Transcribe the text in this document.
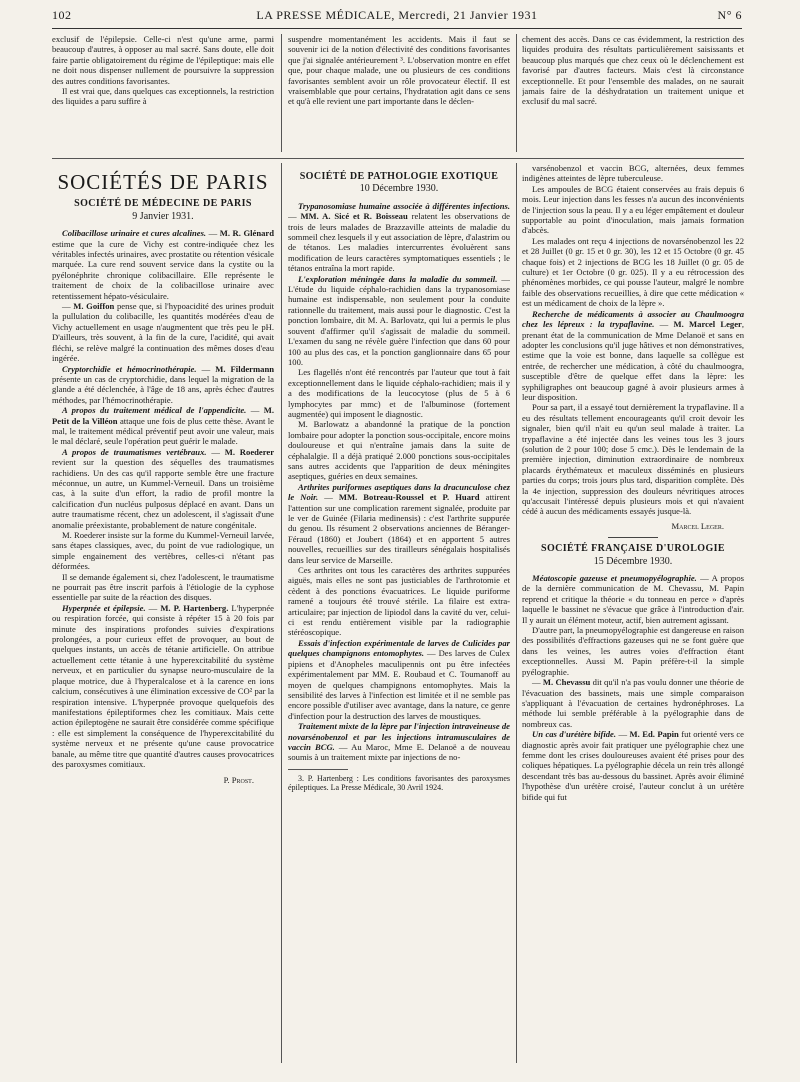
102	LA PRESSE MÉDICALE, Mercredi, 21 Janvier 1931	N° 6

exclusif de l'épilepsie. Celle-ci n'est qu'une arme, parmi beaucoup d'autres, à opposer au mal sacré. Sans doute, elle doit faire partie obligatoirement du régime de l'épileptique: mais elle ne doit nous dispenser nullement de poursuivre la suppression des autres conditions favorisantes.

Il est vrai que, dans quelques cas exceptionnels, la restriction des liquides a paru suffire à

suspendre momentanément les accidents. Mais il faut se souvenir ici de la notion d'électivité des conditions favorisantes que j'ai signalée antérieurement ³. L'observation montre en effet que, pour chaque malade, une ou plusieurs de ces conditions favorisantes semblent avoir un rôle provocateur électif. Il est vraisemblable que pour certains, l'hydratation agit dans ce sens et qu'à elle revient une part importante dans le déclen-

chement des accès. Dans ce cas évidemment, la restriction des liquides produira des résultats particulièrement saisissants et beaucoup plus marqués que chez ceux où le déclenchement est favorisé par d'autres facteurs. Mais c'est là circonstance exceptionnelle. Et pour l'ensemble des malades, on ne saurait jamais faire de la déshydratation un traitement unique et exclusif du mal sacré.

SOCIÉTÉS DE PARIS
SOCIÉTÉ DE MÉDECINE DE PARIS
9 Janvier 1931.

Colibacillose urinaire et cures alcalines. — M. R. Glénard estime que la cure de Vichy est contre-indiquée chez les véritables infectés urinaires, avec prostatite ou rétention vésicale marquée. La cure rend souvent service dans la cystite ou la pyélonéphrite chronique colibacillaire. Elle représente le traitement de choix de la colibacillose urinaire avec retentissement hépato-vésiculaire.

— M. Goiffon pense que, si l'hypoacidité des urines produit la pullulation du colibacille, les quantités modérées d'eau de Vichy actuellement en usage n'augmentent que très peu le pH. D'ailleurs, très souvent, à la fin de la cure, l'acidité, qui avait fléchi, se relève malgré la continuation des mêmes doses d'eau ingérée.

Cryptorchidie et hémocrinothérapie. — M. Fildermann présente un cas de cryptorchidie, dans lequel la migration de la glande a été déclenchée, à l'âge de 18 ans, après échec d'autres méthodes, par l'hémocrinothérapie.

A propos du traitement médical de l'appendicite. — M. Petit de la Villéon attaque une fois de plus cette thèse. Avant le mal, le traitement médical préventif peut avoir une valeur, mais le mal déclaré, seule l'opération peut guérir le malade.

A propos de traumatismes vertébraux. — M. Roederer revient sur la question des séquelles des traumatismes rachidiens. Un des cas qu'il rapporte semble être une fracture méconnue, un autre, un Kummel-Verneuil. Dans un troisième cas, à la suite d'un effort, la radio de profil montre la calcification d'un nucléus pulposus déplacé en avant. Dans un autre traumatisme récent, chez un adolescent, il s'agissait d'une anomalie préexistante, probablement de nature congénitale.

M. Roederer insiste sur la forme du Kummel-Verneuil larvée, sans étapes classiques, avec, du point de vue radiologique, un simple engainement des vertèbres, celles-ci n'étant pas déformées.

Il se demande également si, chez l'adolescent, le traumatisme ne pourrait pas être inscrit parfois à l'étiologie de la cyphose essentielle par suite de la réaction des disques.

Hyperpnée et épilepsie. — M. P. Hartenberg. L'hyperpnée ou respiration forcée, qui consiste à répéter 15 à 20 fois par minute des inspirations profondes suivies d'expirations prolongées, a pour curieux effet de provoquer, au bout de quelques instants, un accès de tétanie artificielle. On attribue actuellement cette tétanie à une hyperexcitabilité du système nerveux, et en particulier du synapse neuro-musculaire de la plaque motrice, due à l'hyperalcalose et à la carence en ions calcium, consécutives à une élimination excessive de CO² par la respiration intensive. L'hyperpnée provoque quelquefois des manifestations épileptiformes chez les comitiaux. Mais cette action épileptogène ne saurait être considérée comme spécifique : elle est simplement la conséquence de l'hyperexcitabilité du système nerveux et ne présente qu'une cause provocatrice banale, au même titre que quantité d'autres causes provocatrices des paroxysmes comitiaux.

P. Prost.
SOCIÉTÉ DE PATHOLOGIE EXOTIQUE
10 Décembre 1930.

Trypanosomiase humaine associée à différentes infections. — MM. A. Sicé et R. Boisseau relatent les observations de trois de leurs malades de Brazzaville atteints de maladie du sommeil chez lesquels il y eut association de lèpre, d'alastrim ou de tétanos. Les maladies intercurrentes évoluèrent sans modification de leurs caractères symptomatiques essentiels ; le tétanos entraîna la mort rapide.

L'exploration méningée dans la maladie du sommeil. — L'étude du liquide céphalo-rachidien dans la trypanosomiase humaine est indispensable, non seulement pour la conduite rationnelle du traitement, mais aussi pour le diagnostic. C'est la ponction lombaire, dit M. A. Barlovatz, qui lui a permis le plus souvent d'affirmer qu'il s'agissait de maladie du sommeil. L'examen du sang ne révèle guère l'infection que dans 60 pour 100 au plus des cas, et la ponction ganglionnaire dans 65 pour 100.

Les flagellés n'ont été rencontrés par l'auteur que tout à fait exceptionnellement dans le liquide céphalo-rachidien; mais il y a des modifications de la leucocytose (plus de 5 à 6 lymphocytes par mmc) et de l'albuminose (fortement augmentée) qui imposent le diagnostic.

M. Barlowatz a abandonné la pratique de la ponction lombaire pour adopter la ponction sous-occipitale, encore moins douloureuse et qui n'entraîne jamais dans la suite de céphalalgie. Il a déjà pratiqué 2.000 ponctions sous-occipitales sans autres accidents que l'apparition de deux méningites aseptiques, guéries en deux semaines.

Arthrites puriformes aseptiques dans la dracunculose chez le Noir. — MM. Botreau-Roussel et P. Huard attirent l'attention sur une complication rarement signalée, produite par le ver de Guinée (Filaria medinensis) : c'est l'arthrite suppurée du genou. Ils résument 2 observations anciennes de Béranger-Féraud (1860) et Joubert (1864) et en apportent 5 autres nouvelles, recueillies sur des tirailleurs sénégalais hospitalisés dans leur service de Marseille.

Ces arthrites ont tous les caractères des arthrites suppurées aiguës, mais elles ne sont pas justiciables de l'arthrotomie et cèdent à des ponctions évacuatrices. Le liquide puriforme ramené a toujours été trouvé stérile. La filaire est extra-articulaire; par injection de lipiodol dans la cavité du ver, celui-ci est rendu entièrement visible par la radiographie stéréoscopique.

Essais d'infection expérimentale de larves de Culicides par quelques champignons entomophytes. — Des larves de Culex pipiens et d'Anopheles maculipennis ont pu être infectées expérimentalement par MM. E. Roubaud et C. Toumanoff au moyen de quelques champignons entomophytes. Mais la sensibilité des larves à l'infection est limitée et il ne semble pas encore possible d'utiliser avec avantage, dans la nature, ce genre d'infection pour la destruction des larves de moustiques.

Traitement mixte de la lèpre par l'injection intraveineuse de novarsénobenzol et par les injections intramusculaires de vaccin BCG. — Au Maroc, Mme E. Delanoë a de nouveau soumis à un traitement mixte par injections de no-

3. P. Hartenberg : Les conditions favorisantes des paroxysmes épileptiques. La Presse Médicale, 30 Avril 1924.

varsénobenzol et vaccin BCG, alternées, deux femmes indigènes atteintes de lèpre tuberculeuse.

Les ampoules de BCG étaient conservées au frais depuis 6 mois. Leur injection dans les fesses n'a aucun des inconvénients de l'injection sous la peau. Il y a eu léger empâtement et douleur supportable au point d'inoculation, mais jamais formation d'abcès.

Les malades ont reçu 4 injections de novarsénobenzol les 22 et 28 Juillet (0 gr. 15 et 0 gr. 30), les 12 et 15 Octobre (0 gr. 45 chaque fois) et 2 injections de BCG les 18 Juillet (0 gr. 05 de culture) et 1er Octobre (0 gr. 025). Il y a eu rétrocession des phénomènes morbides, ce qui pousse l'auteur, malgré le nombre faible des observations recueillies, à dire que cette médication « est un médicament de choix de la lèpre ».

Recherche de médicaments à associer au Chaulmoogra chez les lépreux : la trypaflavine. — M. Marcel Leger, prenant état de la communication de Mme Delanoë et sans en adopter les conclusions qu'il juge hâtives et non démonstratives, estime que la voie est bonne, dans laquelle sa collègue est entrée, de rechercher une médication, à côté du chaulmoogra, susceptible d'être de quelque effet dans la lèpre: les syphiligraphes ont beaucoup gagné à avoir plusieurs armes à leur disposition.

Pour sa part, il a essayé tout dernièrement la trypaflavine. Il a eu des résultats tellement encourageants qu'il croit devoir les signaler, bien qu'il n'ait eu qu'un seul malade à traiter. La trypaflavine a été injectée dans les veines tous les 3 jours (solution de 2 pour 100; dose 5 cmc.). Dès le lendemain de la première injection, diminution extraordinaire de nombreux placards érythémateux et maculeux disséminés en plusieurs parties du corps; trois jours plus tard, disparition complète. Dès la 4e injection, suppression des douleurs névritiques atroces qu'accusait l'intéressé depuis plusieurs mois et qui n'avaient cédé à aucun des médicaments essayés jusque-là.

Marcel Leger.
SOCIÉTÉ FRANÇAISE D'UROLOGIE
15 Décembre 1930.

Méatoscopie gazeuse et pneumopyélographie. — A propos de la dernière communication de M. Chevassu, M. Papin reprend et critique la théorie « du tonneau en perce » d'après laquelle le bassinet ne s'évacue que grâce à l'introduction d'air. Il y aurait un élément moteur, actif, bien autrement agissant.

D'autre part, la pneumopyélographie est dangereuse en raison des possibilités d'effractions gazeuses qui ne se font guère que dans les veines, les autres voies d'effraction étant exceptionnelles. Aussi M. Papin préfère-t-il la simple pyélographie.

— M. Chevassu dit qu'il n'a pas voulu donner une théorie de l'évacuation des bassinets, mais une simple comparaison s'appliquant à l'évacuation de certaines hydronéphroses. La méthode lui semble préférable à la pyélographie dans de nombreux cas.

Un cas d'urétère bifide. — M. Ed. Papin fut orienté vers ce diagnostic après avoir fait pratiquer une pyélographie chez une femme dont les crises douloureuses avaient été prises pour des coliques hépatiques. La pyélographie décela un rein très allongé descendant très bas au-dessous du bassinet. Après avoir éliminé l'hypothèse d'un urétère croisé, l'auteur conclut à un urétère bifide qui fut
